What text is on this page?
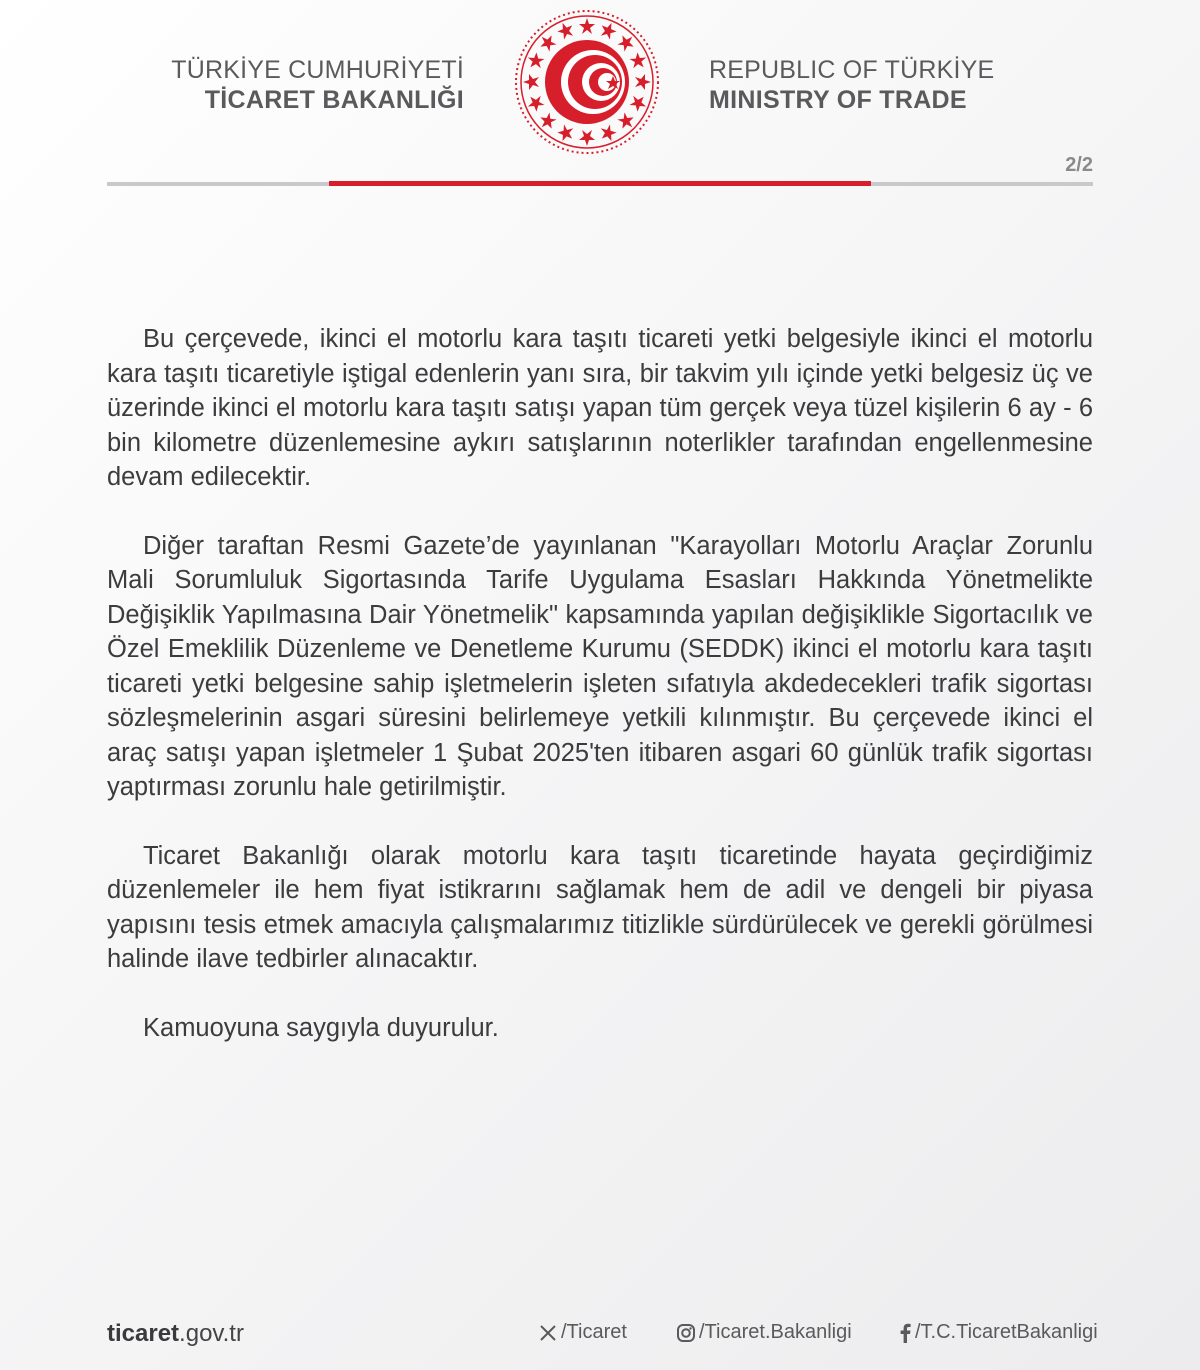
TÜRKİYE CUMHURİYETİ
TİCARET BAKANLIĞI
REPUBLIC OF TÜRKİYE
MINISTRY OF TRADE
2/2

Bu çerçevede, ikinci el motorlu kara taşıtı ticareti yetki belgesiyle ikinci el motorlu kara taşıtı ticaretiyle iştigal edenlerin yanı sıra, bir takvim yılı içinde yetki belgesiz üç ve üzerinde ikinci el motorlu kara taşıtı satışı yapan tüm gerçek veya tüzel kişilerin 6 ay - 6 bin kilometre düzenlemesine aykırı satışlarının noterlikler tarafından engellenmesine devam edilecektir.

Diğer taraftan Resmi Gazete’de yayınlanan "Karayolları Motorlu Araçlar Zorunlu Mali Sorumluluk Sigortasında Tarife Uygulama Esasları Hakkında Yönetmelikte Değişiklik Yapılmasına Dair Yönetmelik" kapsamında yapılan değişiklikle Sigortacılık ve Özel Emeklilik Düzenleme ve Denetleme Kurumu (SEDDK) ikinci el motorlu kara taşıtı ticareti yetki belgesine sahip işletmelerin işleten sıfatıyla akdedecekleri trafik sigortası sözleşmelerinin asgari süresini belirlemeye yetkili kılınmıştır. Bu çerçevede ikinci el araç satışı yapan işletmeler 1 Şubat 2025'ten itibaren asgari 60 günlük trafik sigortası yaptırması zorunlu hale getirilmiştir.

Ticaret Bakanlığı olarak motorlu kara taşıtı ticaretinde hayata geçirdiğimiz düzenlemeler ile hem fiyat istikrarını sağlamak hem de adil ve dengeli bir piyasa yapısını tesis etmek amacıyla çalışmalarımız titizlikle sürdürülecek ve gerekli görülmesi halinde ilave tedbirler alınacaktır.

Kamuoyuna saygıyla duyurulur.

ticaret.gov.tr	/Ticaret	/Ticaret.Bakanligi	/T.C.TicaretBakanligi
